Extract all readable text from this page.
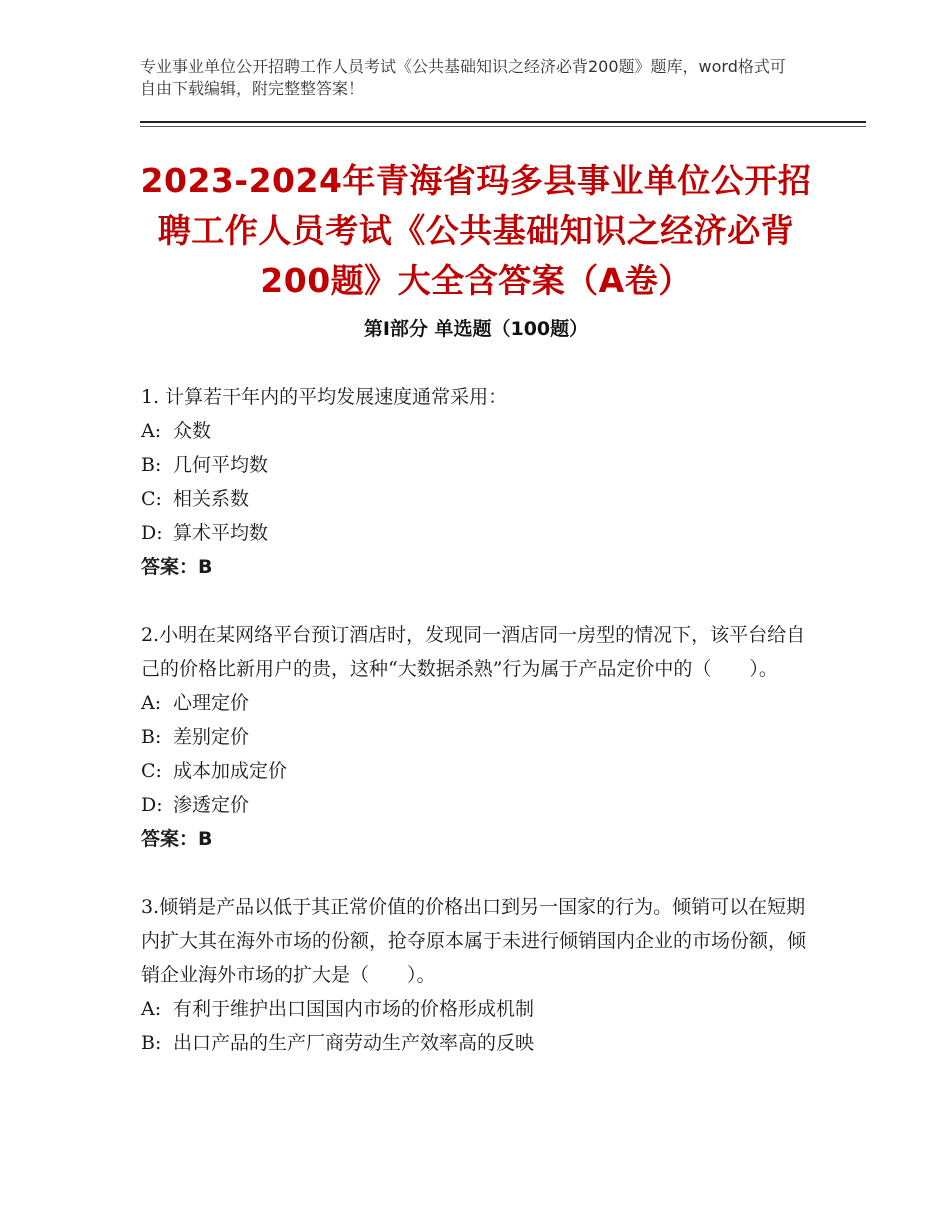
专业事业单位公开招聘工作人员考试《公共基础知识之经济必背200题》题库，word格式可自由下载编辑，附完整整答案！
2023-2024年青海省玛多县事业单位公开招聘工作人员考试《公共基础知识之经济必背200题》大全含答案（A卷）
第Ⅰ部分 单选题（100题）

1. 计算若干年内的平均发展速度通常采用：

A: 众数

B: 几何平均数

C: 相关系数

D: 算术平均数

答案：B

2.小明在某网络平台预订酒店时，发现同一酒店同一房型的情况下，该平台给自己的价格比新用户的贵，这种“大数据杀熟”行为属于产品定价中的（　　）。

A: 心理定价

B: 差别定价

C: 成本加成定价

D: 渗透定价

答案：B

3.倾销是产品以低于其正常价值的价格出口到另一国家的行为。倾销可以在短期内扩大其在海外市场的份额，抢夺原本属于未进行倾销国内企业的市场份额，倾销企业海外市场的扩大是（　　）。

A: 有利于维护出口国国内市场的价格形成机制

B: 出口产品的生产厂商劳动生产效率高的反映
